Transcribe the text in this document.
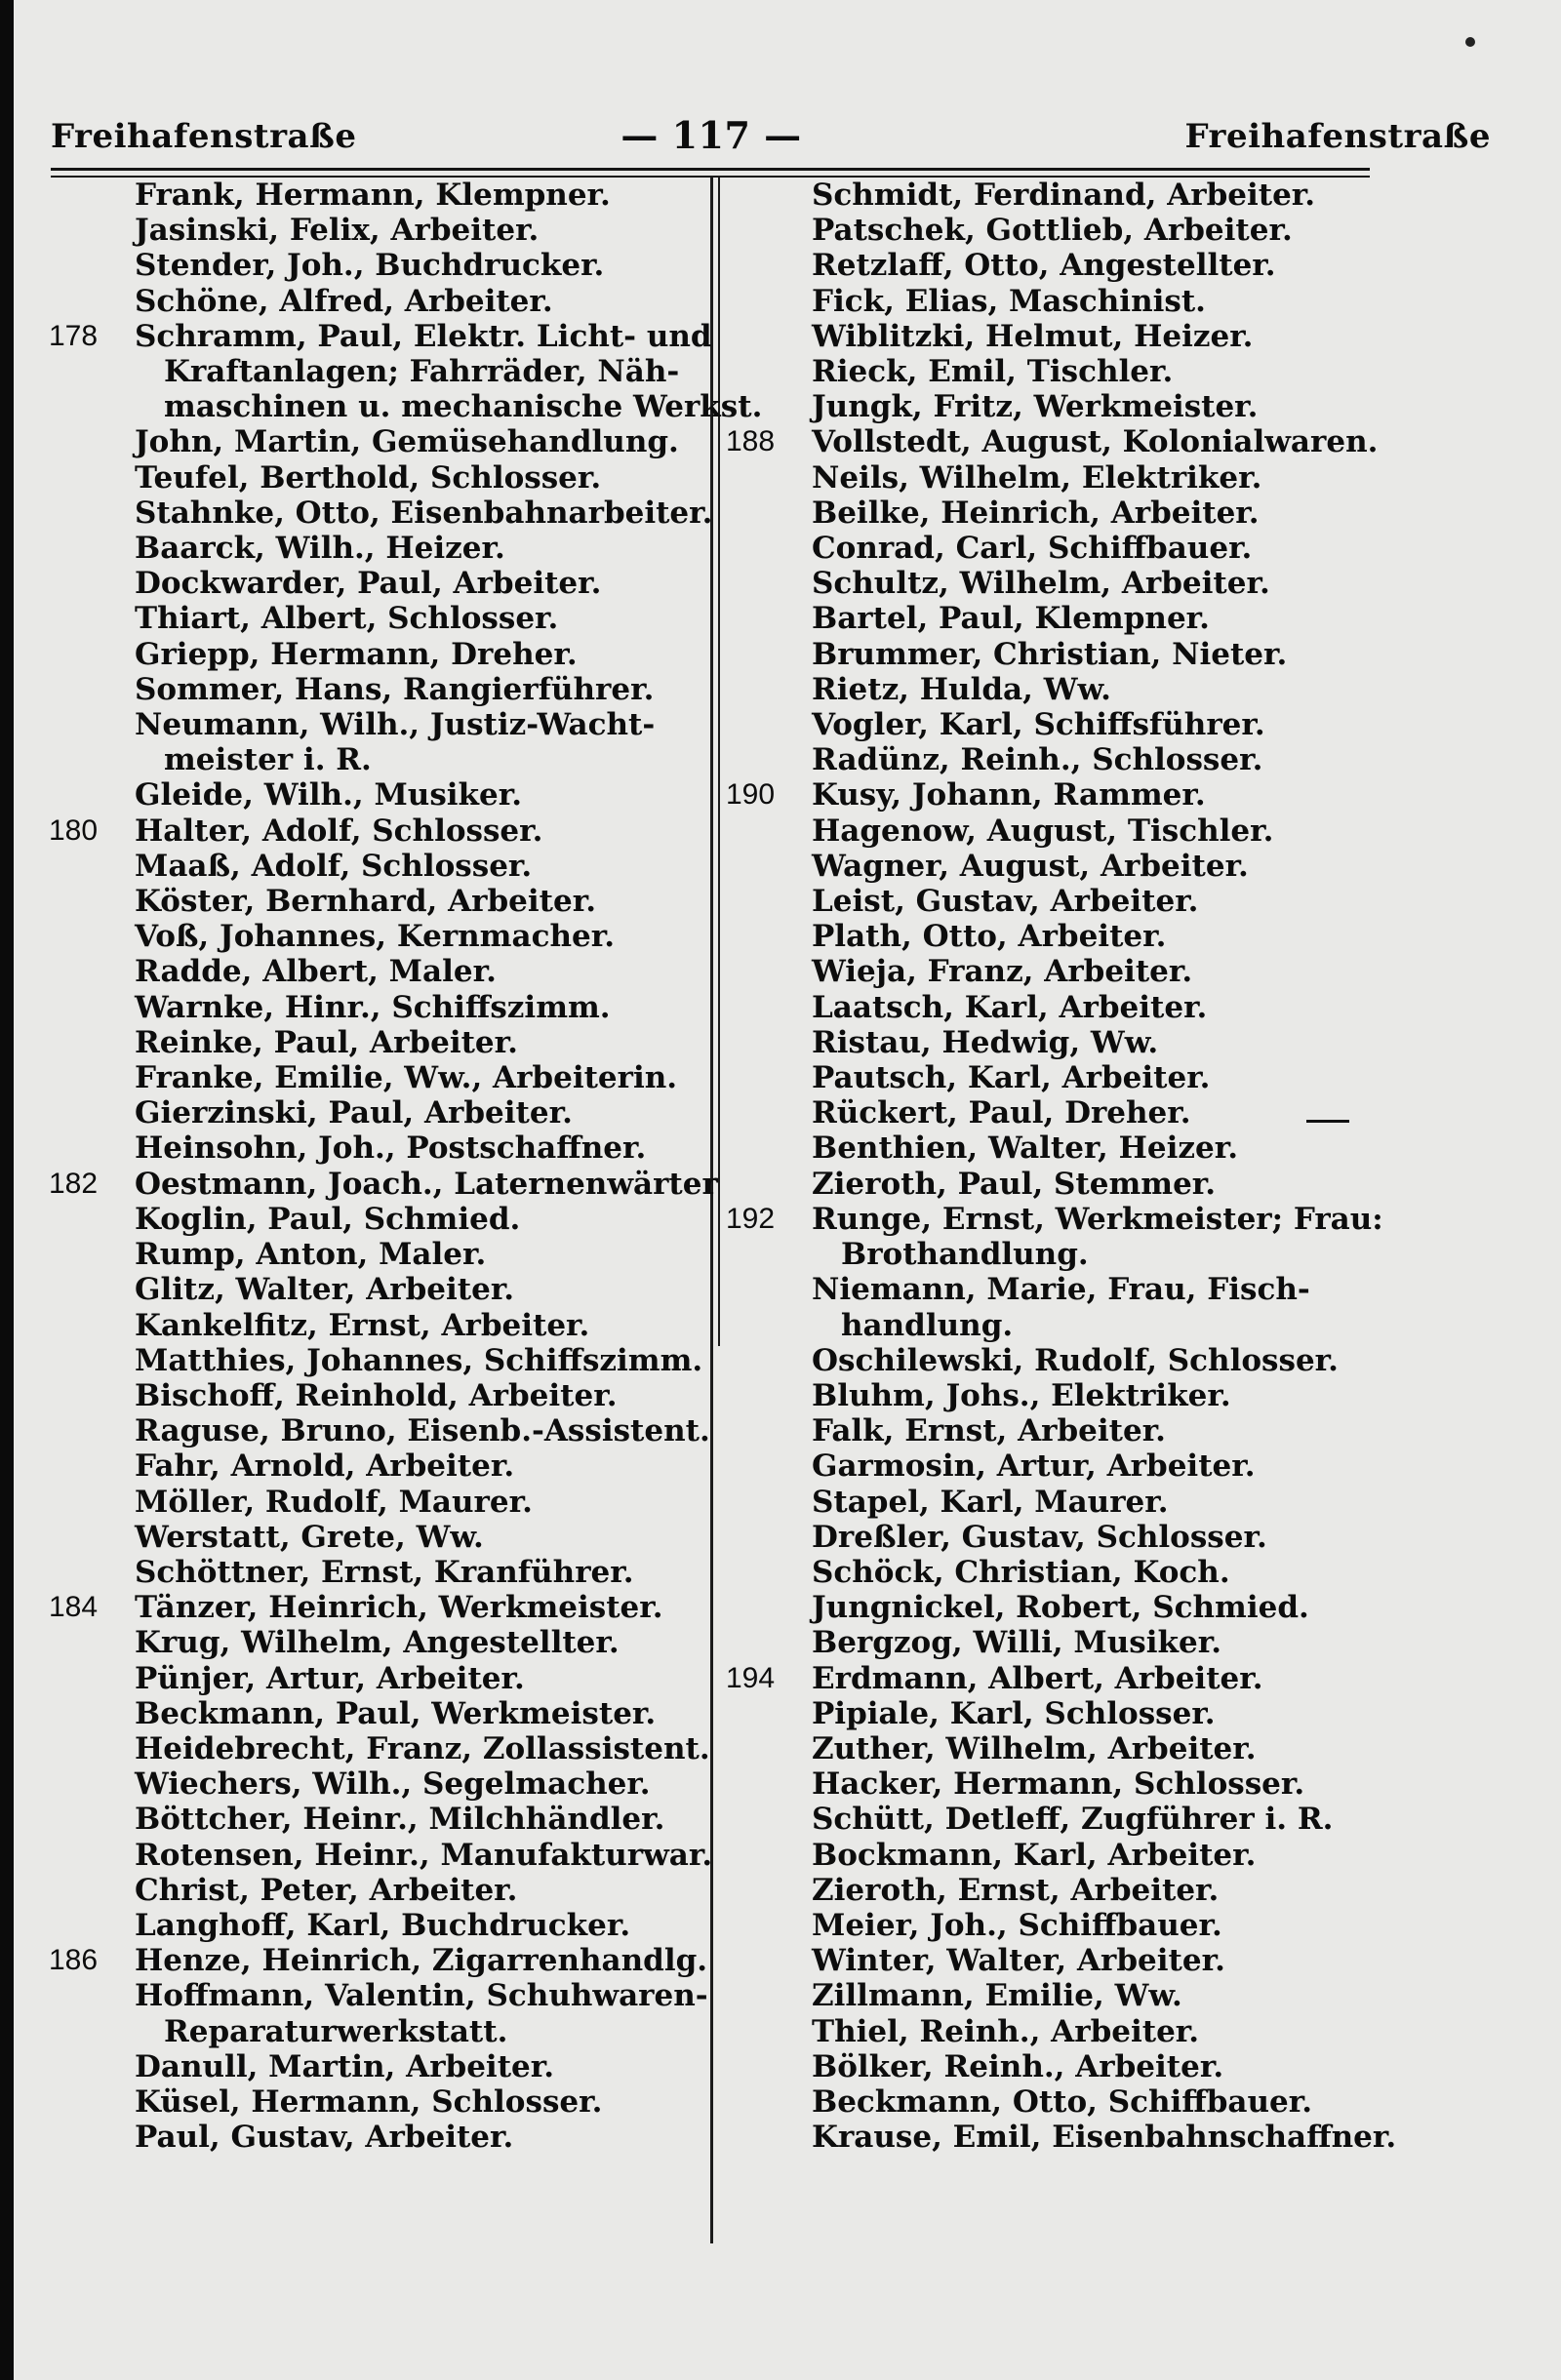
Freihafenstraße	— 117 —	Freihafenstraße
Frank, Hermann, Klempner.
Jasinski, Felix, Arbeiter.
Stender, Joh., Buchdrucker.
Schöne, Alfred, Arbeiter.
178	Schramm, Paul, Elektr. Licht- und
Kraftanlagen; Fahrräder, Näh-
maschinen u. mechanische Werkst.
John, Martin, Gemüsehandlung.
Teufel, Berthold, Schlosser.
Stahnke, Otto, Eisenbahnarbeiter.
Baarck, Wilh., Heizer.
Dockwarder, Paul, Arbeiter.
Thiart, Albert, Schlosser.
Griepp, Hermann, Dreher.
Sommer, Hans, Rangierführer.
Neumann, Wilh., Justiz-Wacht-
meister i. R.
Gleide, Wilh., Musiker.
180	Halter, Adolf, Schlosser.
Maaß, Adolf, Schlosser.
Köster, Bernhard, Arbeiter.
Voß, Johannes, Kernmacher.
Radde, Albert, Maler.
Warnke, Hinr., Schiffszimm.
Reinke, Paul, Arbeiter.
Franke, Emilie, Ww., Arbeiterin.
Gierzinski, Paul, Arbeiter.
Heinsohn, Joh., Postschaffner.
182	Oestmann, Joach., Laternenwärter
Koglin, Paul, Schmied.
Rump, Anton, Maler.
Glitz, Walter, Arbeiter.
Kankelfitz, Ernst, Arbeiter.
Matthies, Johannes, Schiffszimm.
Bischoff, Reinhold, Arbeiter.
Raguse, Bruno, Eisenb.-Assistent.
Fahr, Arnold, Arbeiter.
Möller, Rudolf, Maurer.
Werstatt, Grete, Ww.
Schöttner, Ernst, Kranführer.
184	Tänzer, Heinrich, Werkmeister.
Krug, Wilhelm, Angestellter.
Pünjer, Artur, Arbeiter.
Beckmann, Paul, Werkmeister.
Heidebrecht, Franz, Zollassistent.
Wiechers, Wilh., Segelmacher.
Böttcher, Heinr., Milchhändler.
Rotensen, Heinr., Manufakturwar.
Christ, Peter, Arbeiter.
Langhoff, Karl, Buchdrucker.
186	Henze, Heinrich, Zigarrenhandlg.
Hoffmann, Valentin, Schuhwaren-
Reparaturwerkstatt.
Danull, Martin, Arbeiter.
Küsel, Hermann, Schlosser.
Paul, Gustav, Arbeiter.
Schmidt, Ferdinand, Arbeiter.
Patschek, Gottlieb, Arbeiter.
Retzlaff, Otto, Angestellter.
Fick, Elias, Maschinist.
Wiblitzki, Helmut, Heizer.
Rieck, Emil, Tischler.
Jungk, Fritz, Werkmeister.
188	Vollstedt, August, Kolonialwaren.
Neils, Wilhelm, Elektriker.
Beilke, Heinrich, Arbeiter.
Conrad, Carl, Schiffbauer.
Schultz, Wilhelm, Arbeiter.
Bartel, Paul, Klempner.
Brummer, Christian, Nieter.
Rietz, Hulda, Ww.
Vogler, Karl, Schiffsführer.
Radünz, Reinh., Schlosser.
190	Kusy, Johann, Rammer.
Hagenow, August, Tischler.
Wagner, August, Arbeiter.
Leist, Gustav, Arbeiter.
Plath, Otto, Arbeiter.
Wieja, Franz, Arbeiter.
Laatsch, Karl, Arbeiter.
Ristau, Hedwig, Ww.
Pautsch, Karl, Arbeiter.
Rückert, Paul, Dreher.
Benthien, Walter, Heizer.
Zieroth, Paul, Stemmer.
192	Runge, Ernst, Werkmeister; Frau:
Brothandlung.
Niemann, Marie, Frau, Fisch-
handlung.
Oschilewski, Rudolf, Schlosser.
Bluhm, Johs., Elektriker.
Falk, Ernst, Arbeiter.
Garmosin, Artur, Arbeiter.
Stapel, Karl, Maurer.
Dreßler, Gustav, Schlosser.
Schöck, Christian, Koch.
Jungnickel, Robert, Schmied.
Bergzog, Willi, Musiker.
194	Erdmann, Albert, Arbeiter.
Pipiale, Karl, Schlosser.
Zuther, Wilhelm, Arbeiter.
Hacker, Hermann, Schlosser.
Schütt, Detleff, Zugführer i. R.
Bockmann, Karl, Arbeiter.
Zieroth, Ernst, Arbeiter.
Meier, Joh., Schiffbauer.
Winter, Walter, Arbeiter.
Zillmann, Emilie, Ww.
Thiel, Reinh., Arbeiter.
Bölker, Reinh., Arbeiter.
Beckmann, Otto, Schiffbauer.
Krause, Emil, Eisenbahnschaffner.
